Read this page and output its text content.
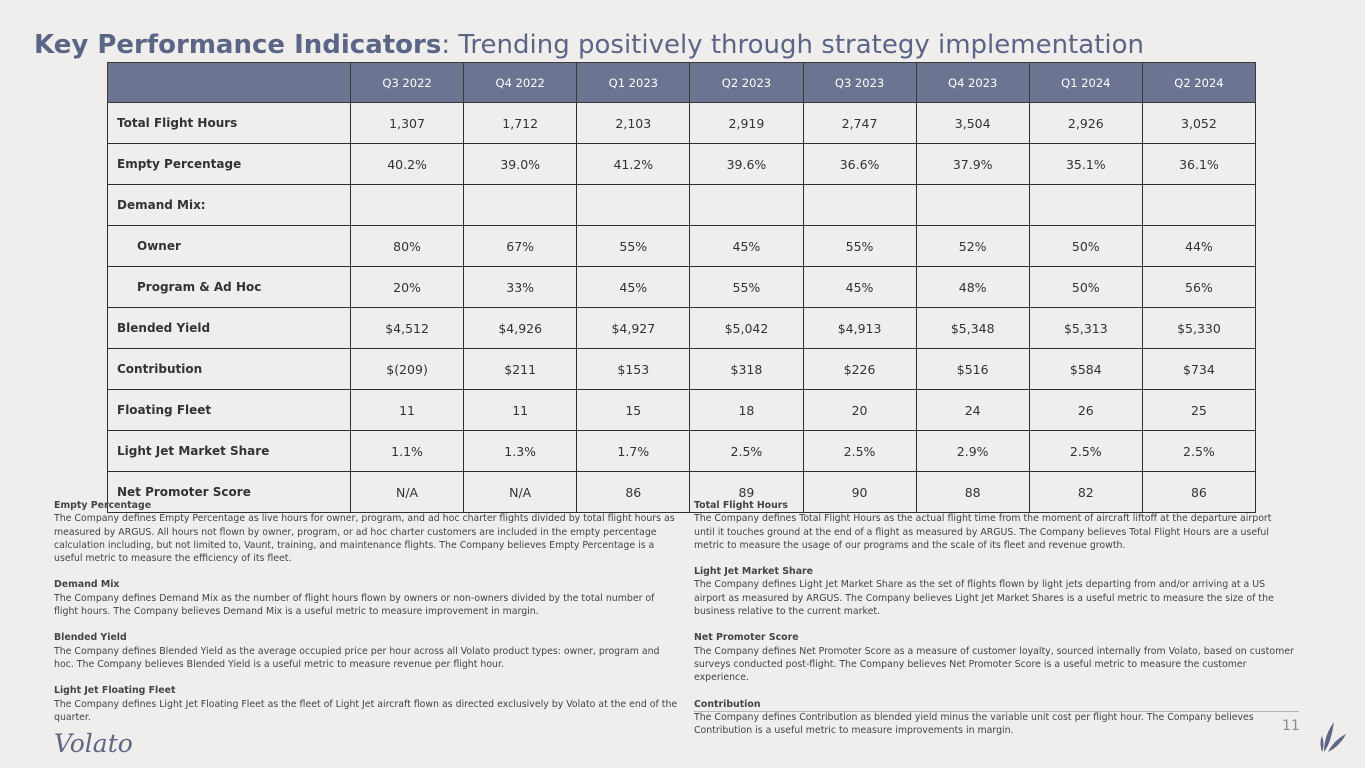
Key Performance Indicators: Trending positively through strategy implementation
	Q3 2022	Q4 2022	Q1 2023	Q2 2023	Q3 2023	Q4 2023	Q1 2024	Q2 2024
Total Flight Hours	1,307	1,712	2,103	2,919	2,747	3,504	2,926	3,052
Empty Percentage	40.2%	39.0%	41.2%	39.6%	36.6%	37.9%	35.1%	36.1%
Demand Mix:								
Owner	80%	67%	55%	45%	55%	52%	50%	44%
Program & Ad Hoc	20%	33%	45%	55%	45%	48%	50%	56%
Blended Yield	$4,512	$4,926	$4,927	$5,042	$4,913	$5,348	$5,313	$5,330
Contribution	$(209)	$211	$153	$318	$226	$516	$584	$734
Floating Fleet	11	11	15	18	20	24	26	25
Light Jet Market Share	1.1%	1.3%	1.7%	2.5%	2.5%	2.9%	2.5%	2.5%
Net Promoter Score	N/A	N/A	86	89	90	88	82	86
Empty Percentage
The Company defines Empty Percentage as live hours for owner, program, and ad hoc charter flights divided by total flight hours as measured by ARGUS. All hours not flown by owner, program, or ad hoc charter customers are included in the empty percentage calculation including, but not limited to, Vaunt, training, and maintenance flights. The Company believes Empty Percentage is a useful metric to measure the efficiency of its fleet.
Demand Mix
The Company defines Demand Mix as the number of flight hours flown by owners or non-owners divided by the total number of flight hours. The Company believes Demand Mix is a useful metric to measure improvement in margin.
Blended Yield
The Company defines Blended Yield as the average occupied price per hour across all Volato product types: owner, program and hoc. The Company believes Blended Yield is a useful metric to measure revenue per flight hour.
Light Jet Floating Fleet
The Company defines Light Jet Floating Fleet as the fleet of Light Jet aircraft flown as directed exclusively by Volato at the end of the quarter.
Total Flight Hours
The Company defines Total Flight Hours as the actual flight time from the moment of aircraft liftoff at the departure airport until it touches ground at the end of a flight as measured by ARGUS. The Company believes Total Flight Hours are a useful metric to measure the usage of our programs and the scale of its fleet and revenue growth.
Light Jet Market Share
The Company defines Light Jet Market Share as the set of flights flown by light jets departing from and/or arriving at a US airport as measured by ARGUS. The Company believes Light Jet Market Shares is a useful metric to measure the size of the business relative to the current market.
Net Promoter Score
The Company defines Net Promoter Score as a measure of customer loyalty, sourced internally from Volato, based on customer surveys conducted post-flight. The Company believes Net Promoter Score is a useful metric to measure the customer experience.
Contribution
The Company defines Contribution as blended yield minus the variable unit cost per flight hour. The Company believes Contribution is a useful metric to measure improvements in margin.	11
Volato
